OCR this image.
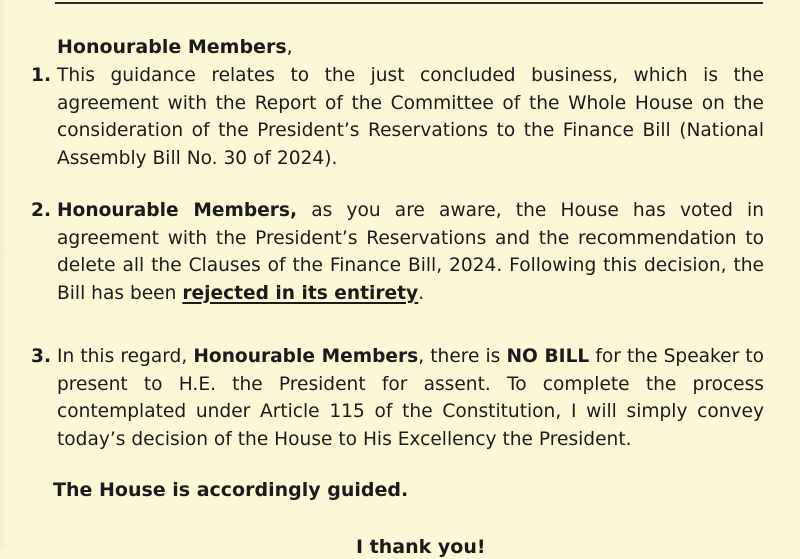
Honourable Members,
1. This guidance relates to the just concluded business, which is the agreement with the Report of the Committee of the Whole House on the consideration of the President’s Reservations to the Finance Bill (National Assembly Bill No. 30 of 2024).
2. Honourable Members, as you are aware, the House has voted in agreement with the President’s Reservations and the recommendation to delete all the Clauses of the Finance Bill, 2024. Following this decision, the Bill has been rejected in its entirety.
3. In this regard, Honourable Members, there is NO BILL for the Speaker to present to H.E. the President for assent. To complete the process contemplated under Article 115 of the Constitution, I will simply convey today’s decision of the House to His Excellency the President.
The House is accordingly guided.
I thank you!
